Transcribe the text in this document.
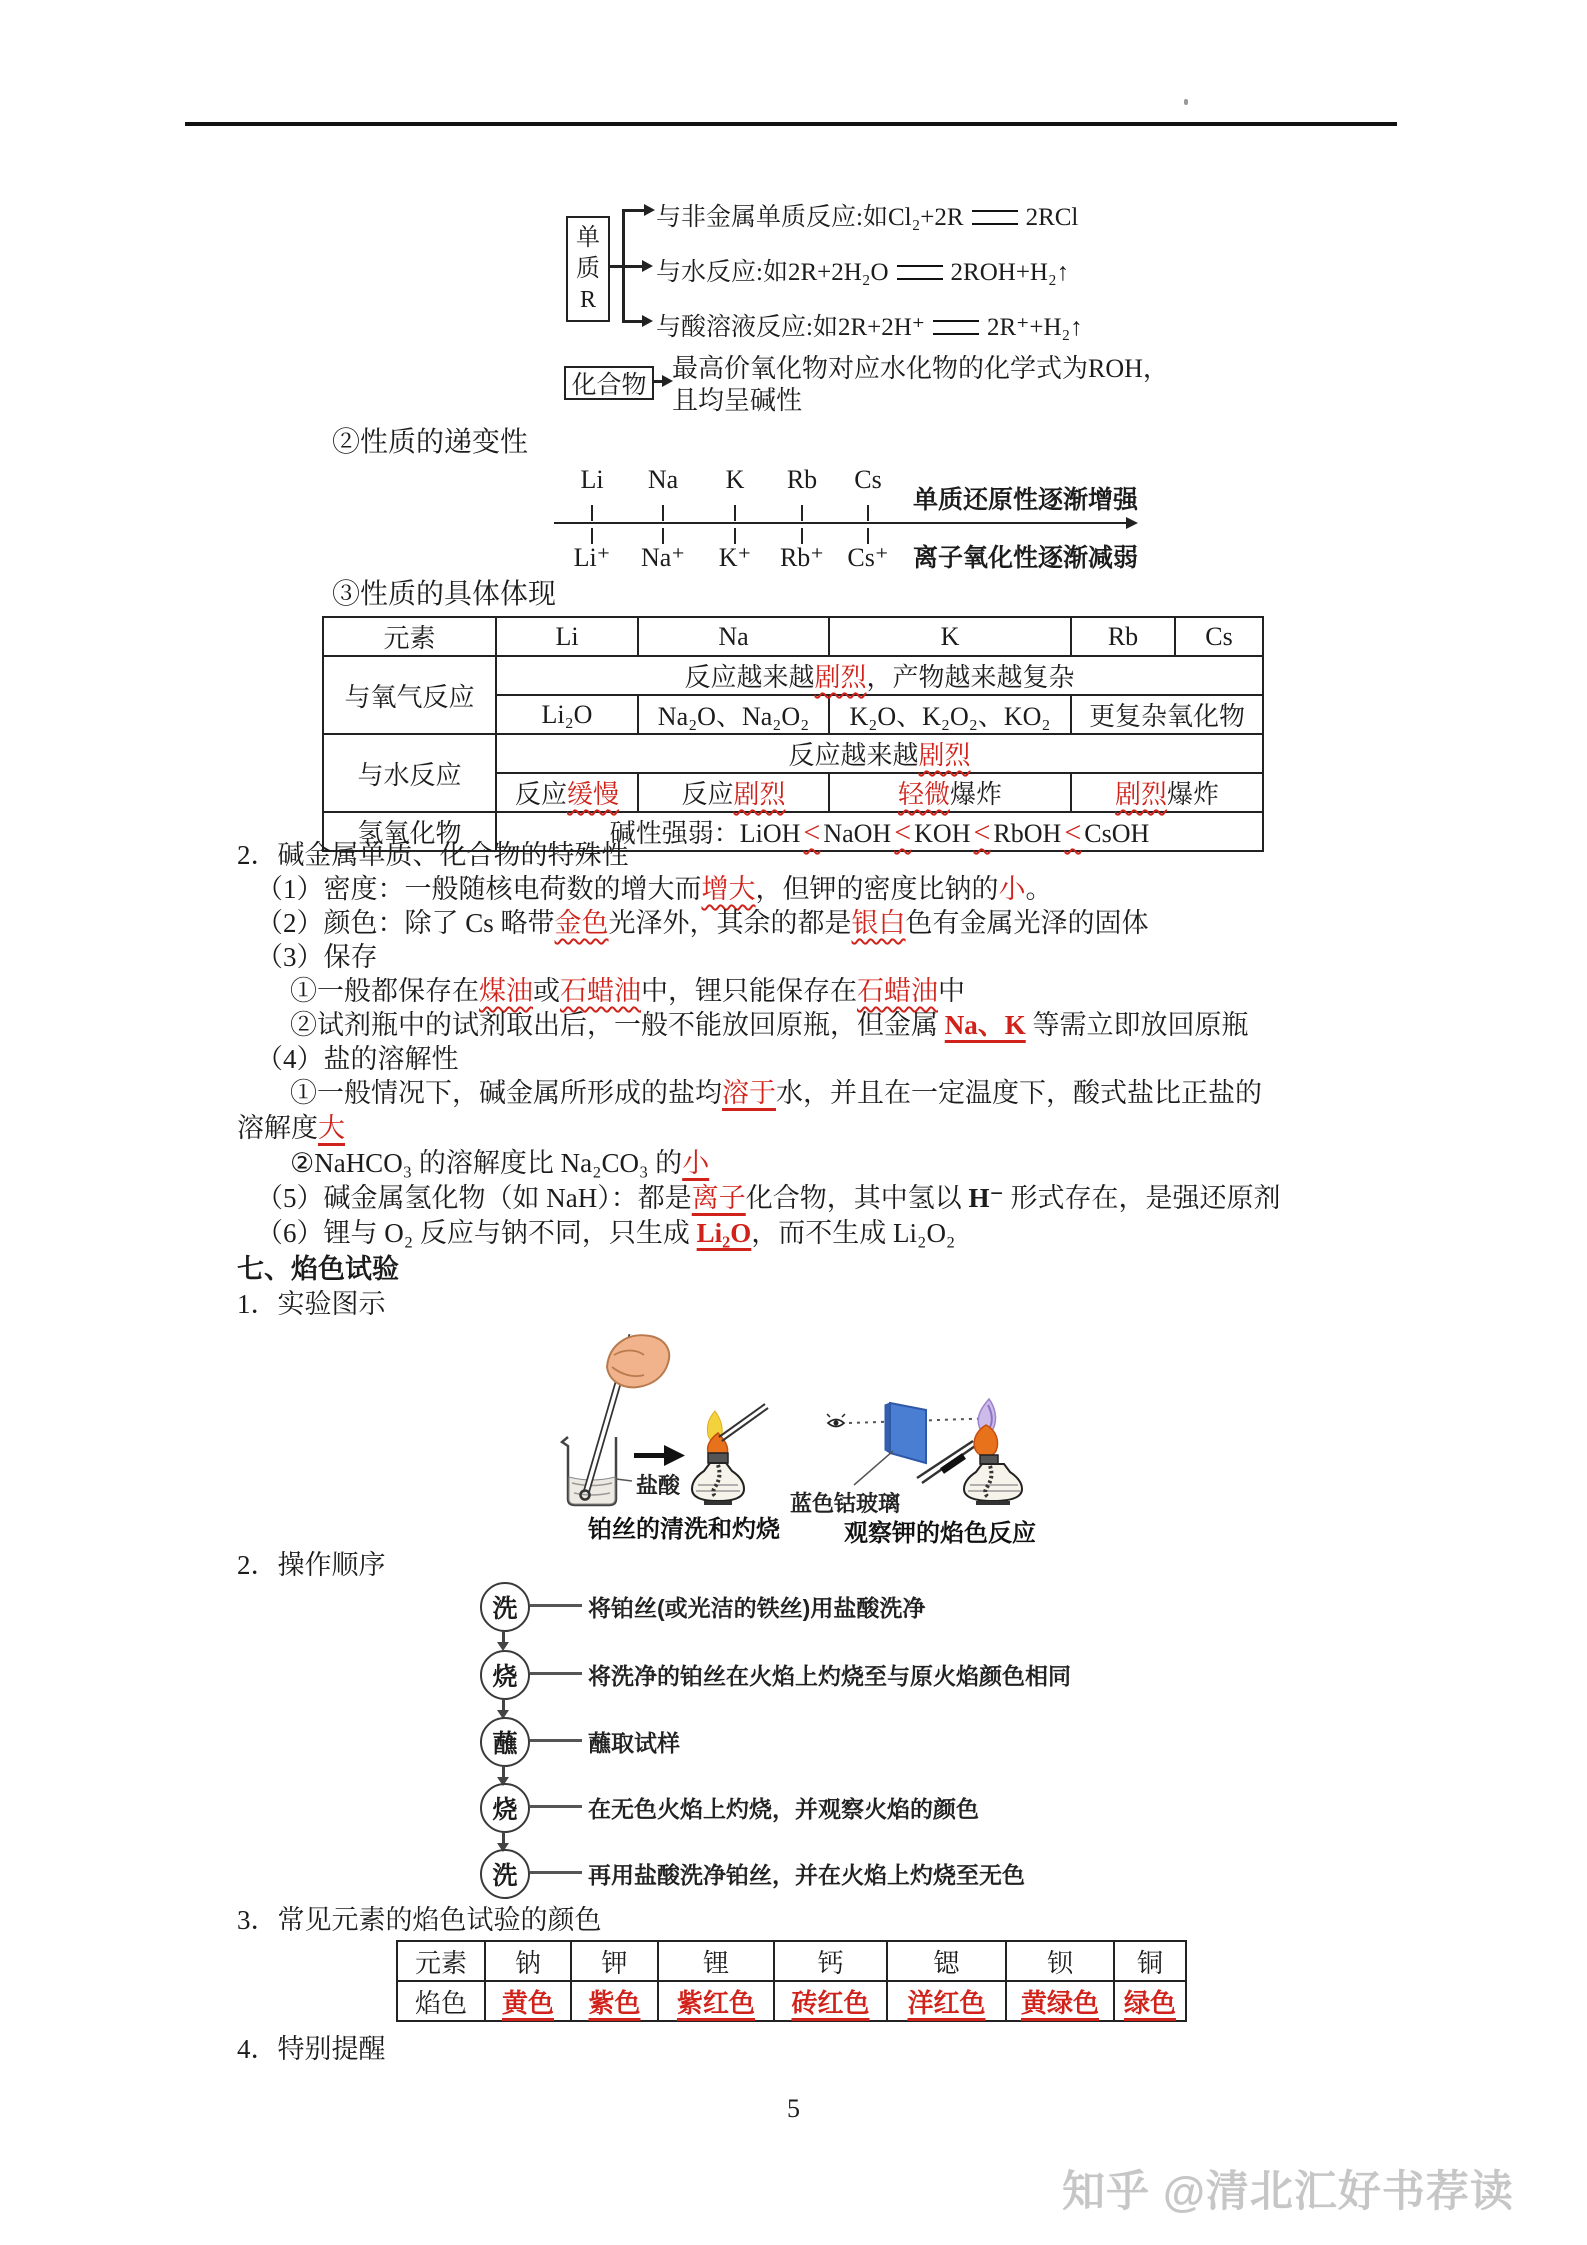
单
质
R
与非金属单质反应:如Cl₂+2R 2RCl
与水反应:如2R+2H₂O 2ROH+H₂↑
与酸溶液反应:如2R+2H⁺ 2R⁺+H₂↑
化合物
最高价氧化物对应水化物的化学式为ROH，
且均呈碱性
②性质的递变性
Li Na K Rb Cs
Li⁺ Na⁺ K⁺ Rb⁺ Cs⁺
单质还原性逐渐增强
离子氧化性逐渐减弱
③性质的具体体现
元素	Li	Na	K	Rb	Cs
与氧气反应	反应越来越剧烈，产物越来越复杂				
	Li₂O	Na₂O、Na₂O₂	K₂O、K₂O₂、KO₂	更复杂氧化物	
与水反应	反应越来越剧烈				
	反应缓慢	反应剧烈	轻微爆炸	剧烈爆炸	
氢氧化物	碱性强弱：LiOH < NaOH < KOH < RbOH < CsOH				
2．碱金属单质、化合物的特殊性
（1）密度：一般随核电荷数的增大而增大，但钾的密度比钠的小。
（2）颜色：除了 Cs 略带金色光泽外，其余的都是银白色有金属光泽的固体
（3）保存
①一般都保存在煤油或石蜡油中，锂只能保存在石蜡油中
②试剂瓶中的试剂取出后，一般不能放回原瓶，但金属 Na、K 等需立即放回原瓶
（4）盐的溶解性
①一般情况下，碱金属所形成的盐均溶于水，并且在一定温度下，酸式盐比正盐的
溶解度大
②NaHCO₃ 的溶解度比 Na₂CO₃ 的小
（5）碱金属氢化物（如 NaH）：都是离子化合物，其中氢以 H⁻ 形式存在，是强还原剂
（6）锂与 O₂ 反应与钠不同，只生成 Li₂O，而不生成 Li₂O₂
七、焰色试验
1．实验图示
盐酸
铂丝的清洗和灼烧
蓝色钴玻璃
观察钾的焰色反应
2．操作顺序
洗	将铂丝(或光洁的铁丝)用盐酸洗净
烧	将洗净的铂丝在火焰上灼烧至与原火焰颜色相同
蘸	蘸取试样
烧	在无色火焰上灼烧，并观察火焰的颜色
洗	再用盐酸洗净铂丝，并在火焰上灼烧至无色
3．常见元素的焰色试验的颜色
元素	钠	钾	锂	钙	锶	钡	铜
焰色	黄色	紫色	紫红色	砖红色	洋红色	黄绿色	绿色
4．特别提醒
5
知乎 @清北汇好书荐读
